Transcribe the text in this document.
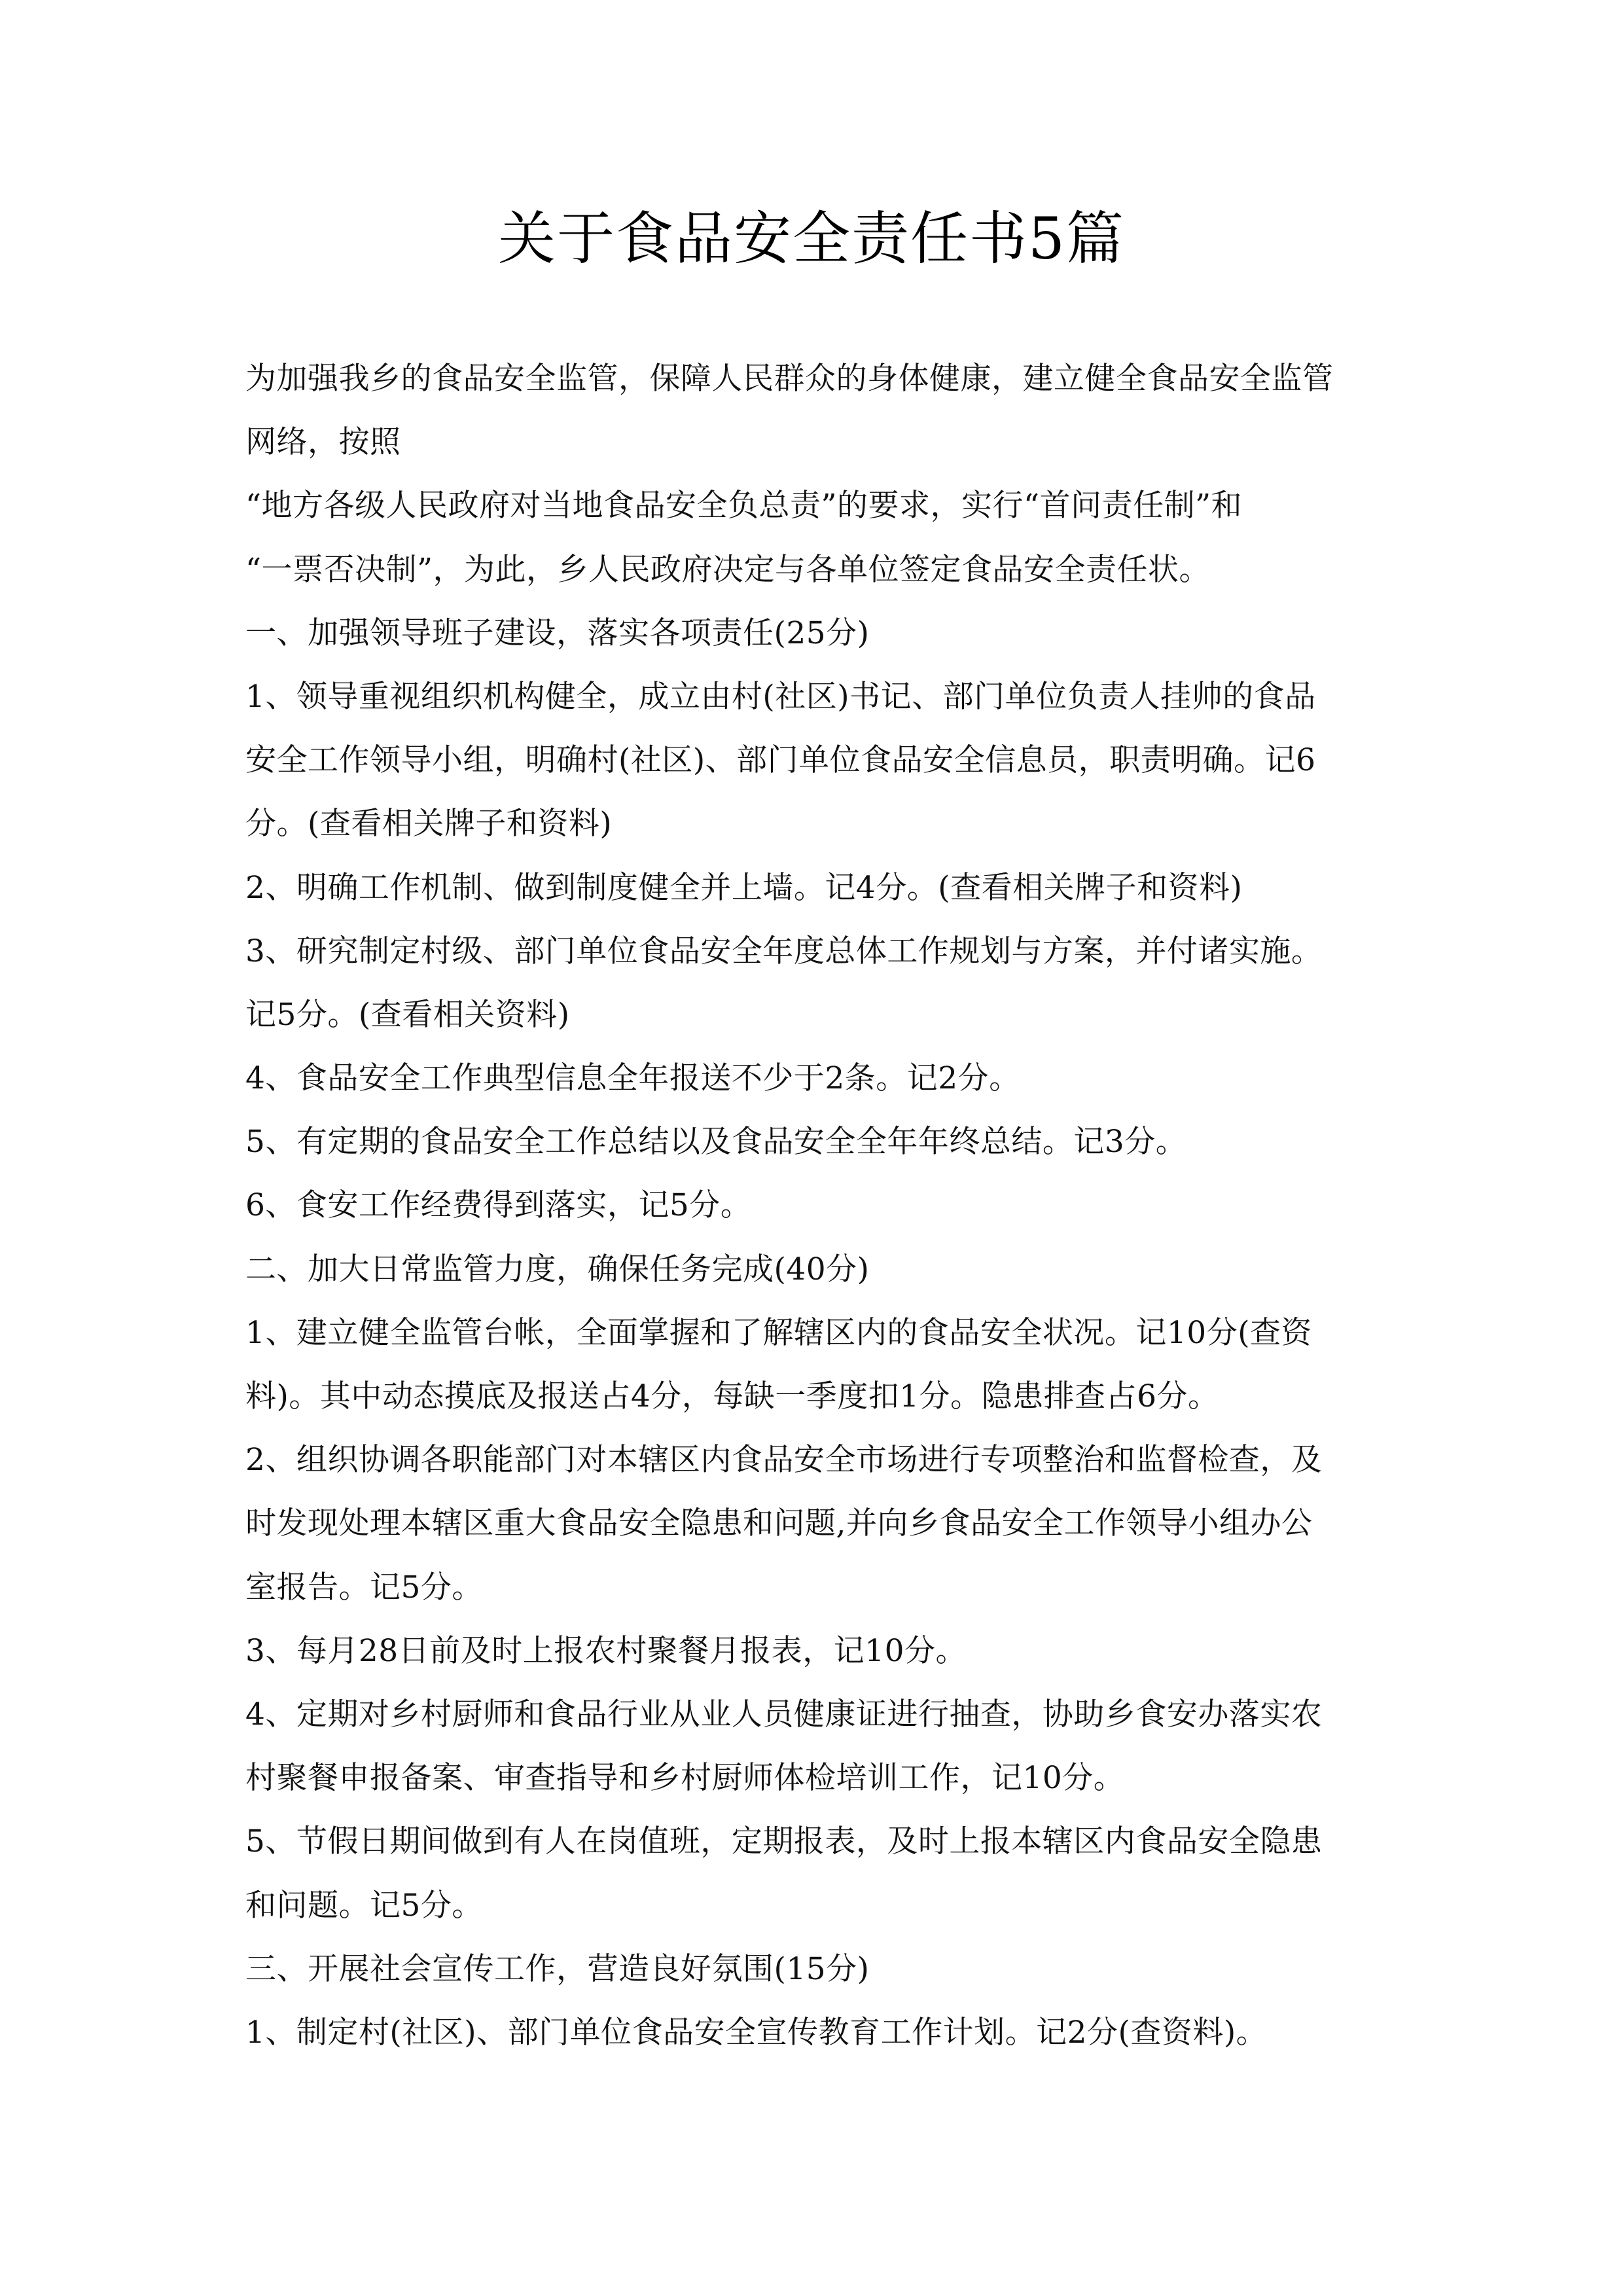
关于食品安全责任书5篇
为加强我乡的食品安全监管，保障人民群众的身体健康，建立健全食品安全监管
网络，按照
“地方各级人民政府对当地食品安全负总责”的要求，实行“首问责任制”和
“一票否决制”，为此，乡人民政府决定与各单位签定食品安全责任状。
一、加强领导班子建设，落实各项责任(25分)
1、领导重视组织机构健全，成立由村(社区)书记、部门单位负责人挂帅的食品
安全工作领导小组，明确村(社区)、部门单位食品安全信息员，职责明确。记6
分。(查看相关牌子和资料)
2、明确工作机制、做到制度健全并上墙。记4分。(查看相关牌子和资料)
3、研究制定村级、部门单位食品安全年度总体工作规划与方案，并付诸实施。
记5分。(查看相关资料)
4、食品安全工作典型信息全年报送不少于2条。记2分。
5、有定期的食品安全工作总结以及食品安全全年年终总结。记3分。
6、食安工作经费得到落实，记5分。
二、加大日常监管力度，确保任务完成(40分)
1、建立健全监管台帐，全面掌握和了解辖区内的食品安全状况。记10分(查资
料)。其中动态摸底及报送占4分，每缺一季度扣1分。隐患排查占6分。
2、组织协调各职能部门对本辖区内食品安全市场进行专项整治和监督检查，及
时发现处理本辖区重大食品安全隐患和问题,并向乡食品安全工作领导小组办公
室报告。记5分。
3、每月28日前及时上报农村聚餐月报表，记10分。
4、定期对乡村厨师和食品行业从业人员健康证进行抽查，协助乡食安办落实农
村聚餐申报备案、审查指导和乡村厨师体检培训工作，记10分。
5、节假日期间做到有人在岗值班，定期报表，及时上报本辖区内食品安全隐患
和问题。记5分。
三、开展社会宣传工作，营造良好氛围(15分)
1、制定村(社区)、部门单位食品安全宣传教育工作计划。记2分(查资料)。
